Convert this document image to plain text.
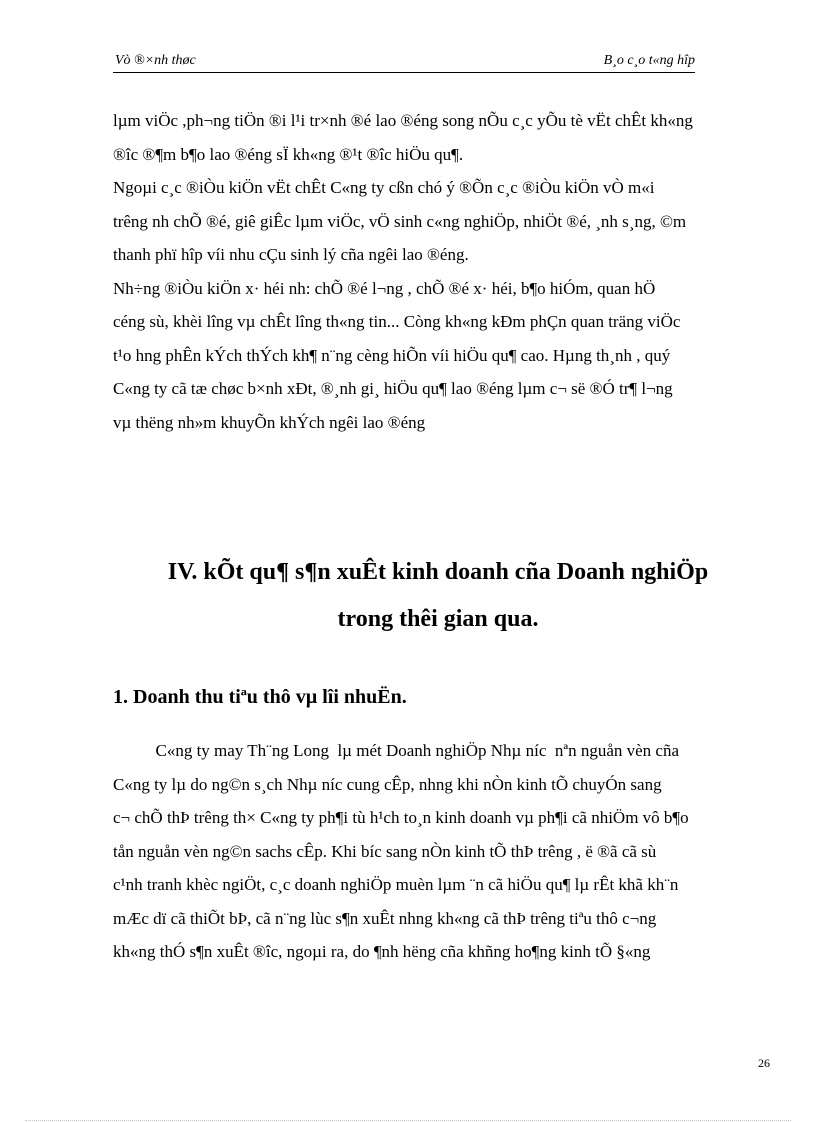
Vò ®×nh thøc	B¸o c¸o t«ng hîp
lµm viÖc ,ph¬ng tiÖn ®i l¹i tr×nh ®é lao ®éng song nÕu c¸c yÕu tè vËt chÊt kh«ng
®îc ®¶m b¶o lao ®éng sÏ kh«ng ®¹t ®îc hiÖu qu¶.
Ngoµi c¸c ®iÒu kiÖn vËt chÊt C«ng ty cßn chó ý ®Õn c¸c ®iÒu kiÖn vÒ m«i
trêng nh chÕ ®é, giê giÊc lµm viÖc, vÖ sinh c«ng nghiÖp, nhiÖt ®é, ¸nh s¸ng, ©m
thanh phï hîp víi nhu cÇu sinh lý cña ngêi lao ®éng.
Nh÷ng ®iÒu kiÖn x· héi nh: chÕ ®é l¬ng , chÕ ®é x· héi, b¶o hiÓm, quan hÖ
céng sù, khèi lîng vµ chÊt lîng th«ng tin... Còng kh«ng kÐm phÇn quan träng viÖc
t¹o hng phÊn kÝch thÝch kh¶ n¨ng cèng hiÕn víi hiÖu qu¶ cao. Hµng th¸nh , quý
C«ng ty cã tæ chøc b×nh xÐt, ®¸nh gi¸ hiÖu qu¶ lao ®éng lµm c¬ së ®Ó tr¶ l¬ng
vµ thëng nh»m khuyÕn khÝch ngêi lao ®éng
IV. kÕt qu¶ s¶n xuÊt kinh doanh cña Doanh nghiÖp
trong thêi gian qua.
1. Doanh thu tiªu thô vµ lîi nhuËn.
C«ng ty may Th¨ng Long  lµ mét Doanh nghiÖp Nhµ níc  nªn nguån vèn cña
C«ng ty lµ do ng©n s¸ch Nhµ níc cung cÊp, nhng khi nÒn kinh tÕ chuyÓn sang
c¬ chÕ thÞ trêng th× C«ng ty ph¶i tù h¹ch to¸n kinh doanh vµ ph¶i cã nhiÖm vô b¶o
tån nguån vèn ng©n sachs cÊp. Khi bíc sang nÒn kinh tÕ thÞ trêng , ë ®ã cã sù
c¹nh tranh khèc ngiÖt, c¸c doanh nghiÖp muèn lµm ¨n cã hiÖu qu¶ lµ rÊt khã kh¨n
mÆc dï cã thiÕt bÞ, cã n¨ng lùc s¶n xuÊt nhng kh«ng cã thÞ trêng tiªu thô c¬ng
kh«ng thÓ s¶n xuÊt ®îc, ngoµi ra, do ¶nh hëng cña khñng ho¶ng kinh tÕ §«ng
26
